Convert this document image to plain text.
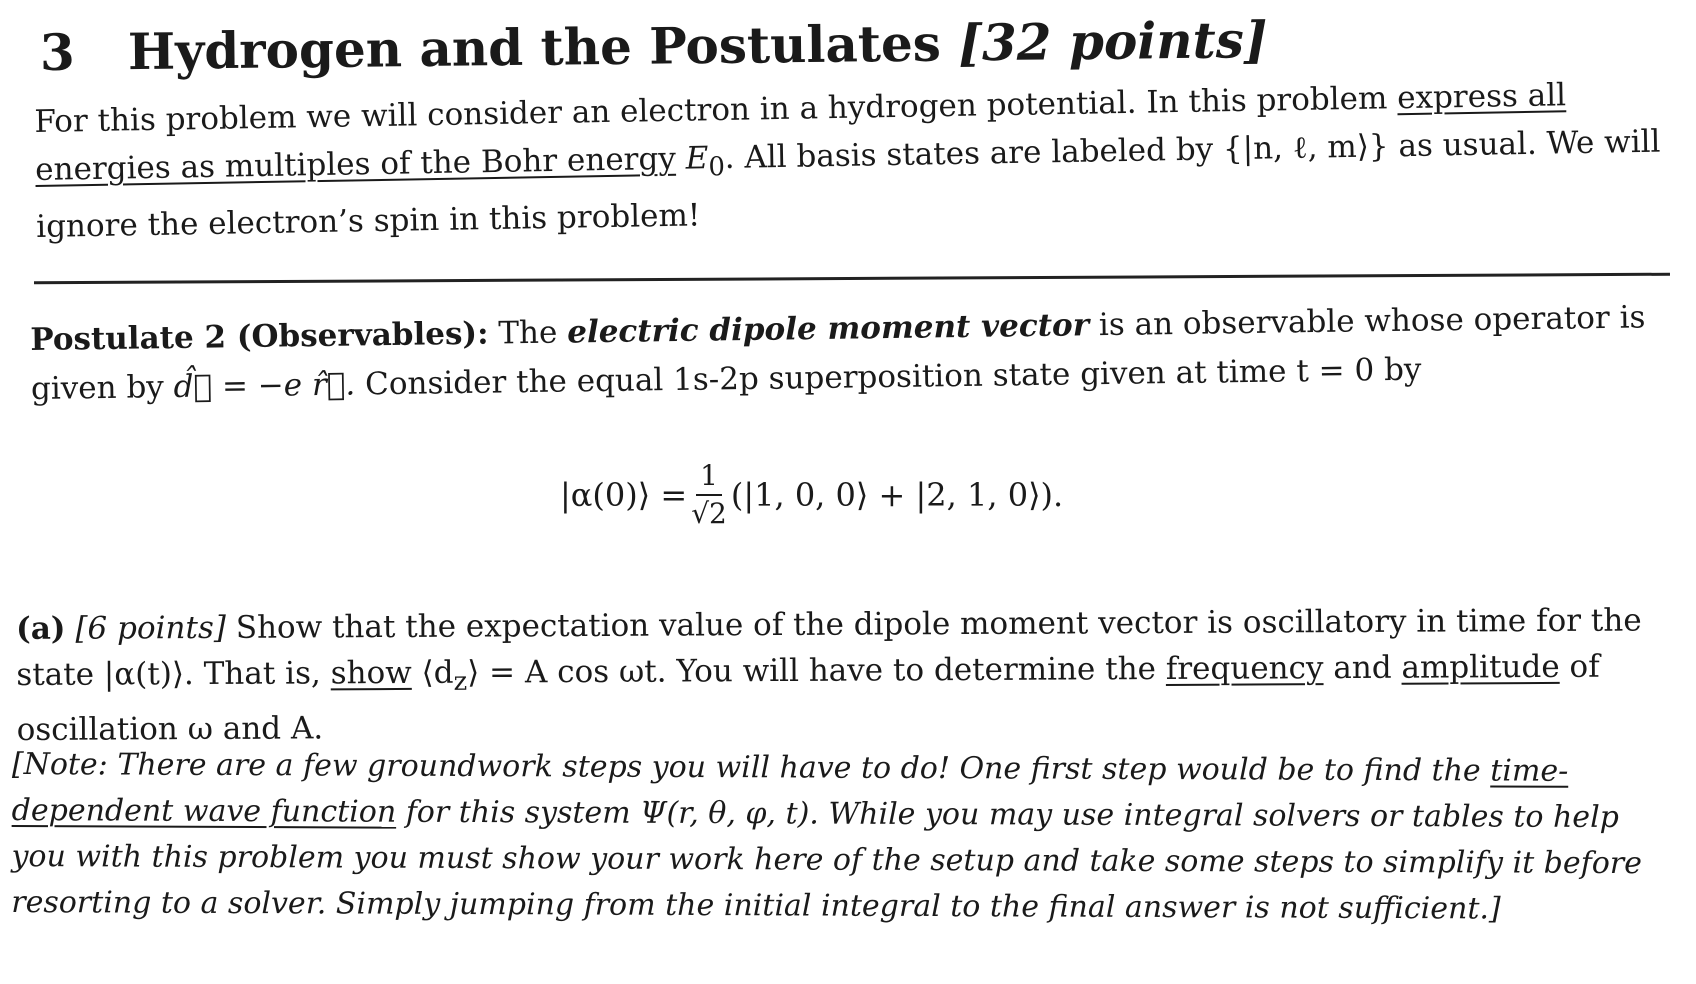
3 Hydrogen and the Postulates [32 points]
For this problem we will consider an electron in a hydrogen potential. In this problem express all energies as multiples of the Bohr energy $E_0$. All basis states are labeled by {|n, ℓ, m⟩} as usual. We will ignore the electron’s spin in this problem!
Postulate 2 (Observables): The electric dipole moment vector is an observable whose operator is given by d̂⃗ = −e r̂⃗. Consider the equal 1s-2p superposition state given at time t = 0 by
|α(0)⟩ = $\frac{1}{√2} (|1$, 0, 0⟩ + |2, 1, 0⟩).
(a) [6 points] Show that the expectation value of the dipole moment vector is oscillatory in time for the state |α(t)⟩. That is, show $⟨d_z⟩ = A$ cos ωt. You will have to determine the frequency and amplitude of oscillation ω and A.
[Note: There are a few groundwork steps you will have to do! One first step would be to find the time-dependent wave function for this system Ψ(r, θ, φ, t). While you may use integral solvers or tables to help you with this problem you must show your work here of the setup and take some steps to simplify it before resorting to a solver. Simply jumping from the initial integral to the final answer is not sufficient.]
